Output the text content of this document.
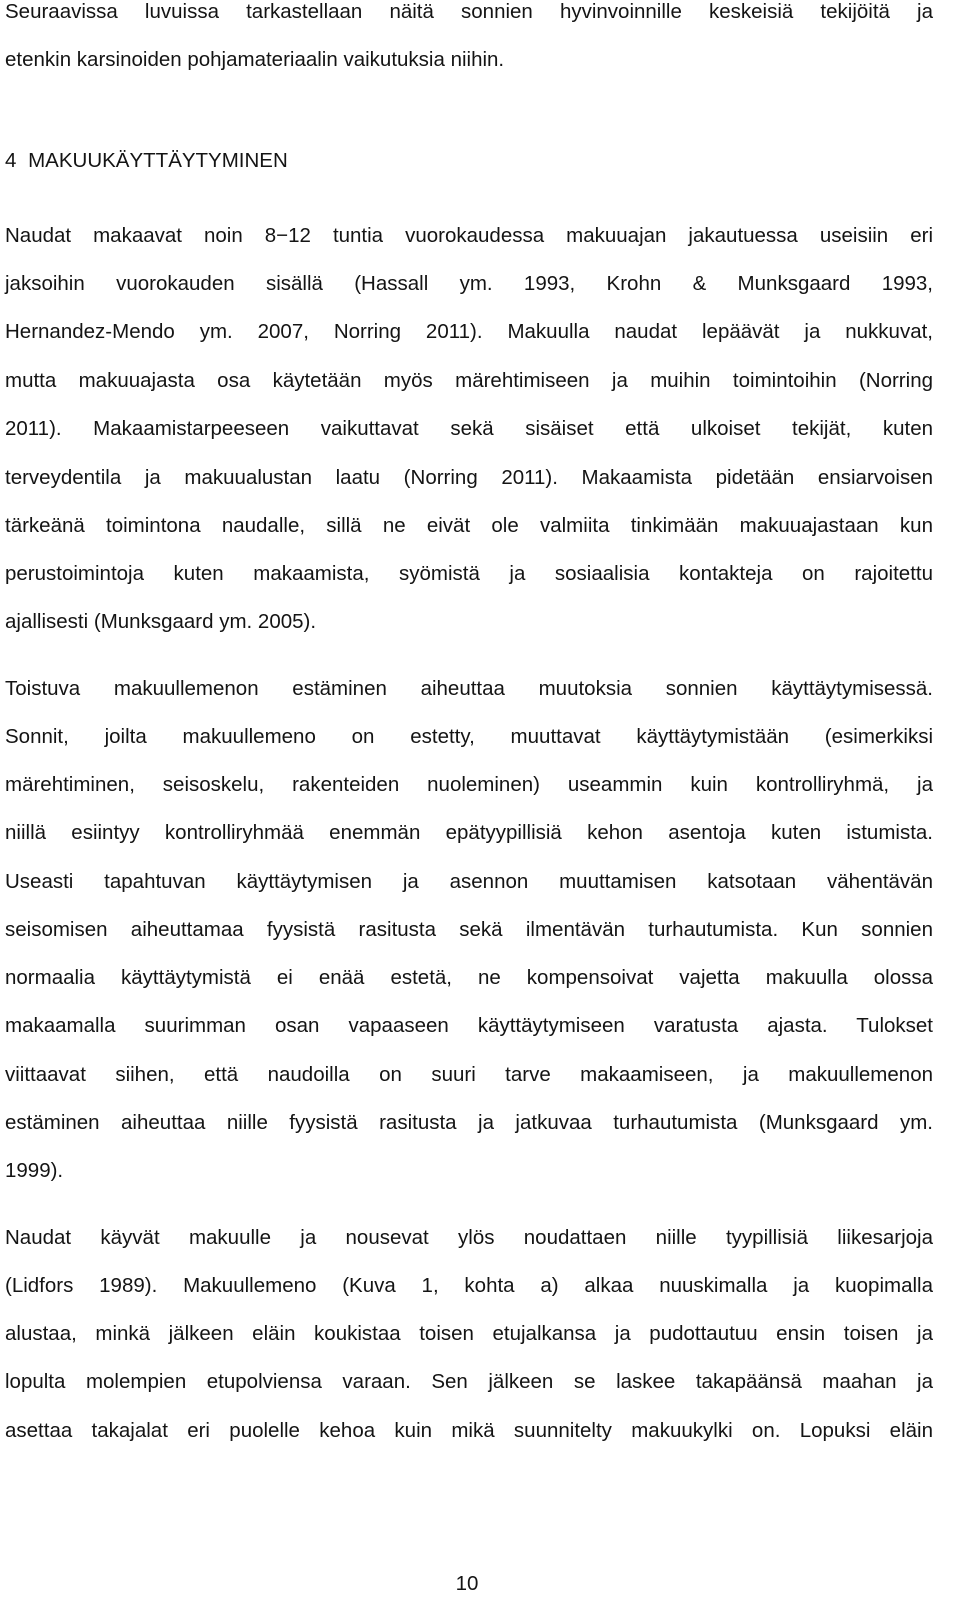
Seuraavissa luvuissa tarkastellaan näitä sonnien hyvinvoinnille keskeisiä tekijöitä ja
etenkin karsinoiden pohjamateriaalin vaikutuksia niihin.
4 MAKUUKÄYTTÄYTYMINEN
Naudat makaavat noin 8−12 tuntia vuorokaudessa makuuajan jakautuessa useisiin eri
jaksoihin vuorokauden sisällä (Hassall ym. 1993, Krohn & Munksgaard 1993,
Hernandez-Mendo ym. 2007, Norring 2011). Makuulla naudat lepäävät ja nukkuvat,
mutta makuuajasta osa käytetään myös märehtimiseen ja muihin toimintoihin (Norring
2011). Makaamistarpeeseen vaikuttavat sekä sisäiset että ulkoiset tekijät, kuten
terveydentila ja makuualustan laatu (Norring 2011). Makaamista pidetään ensiarvoisen
tärkeänä toimintona naudalle, sillä ne eivät ole valmiita tinkimään makuuajastaan kun
perustoimintoja kuten makaamista, syömistä ja sosiaalisia kontakteja on rajoitettu
ajallisesti (Munksgaard ym. 2005).
Toistuva makuullemenon estäminen aiheuttaa muutoksia sonnien käyttäytymisessä.
Sonnit, joilta makuullemeno on estetty, muuttavat käyttäytymistään (esimerkiksi
märehtiminen, seisoskelu, rakenteiden nuoleminen) useammin kuin kontrolliryhmä, ja
niillä esiintyy kontrolliryhmää enemmän epätyypillisiä kehon asentoja kuten istumista.
Useasti tapahtuvan käyttäytymisen ja asennon muuttamisen katsotaan vähentävän
seisomisen aiheuttamaa fyysistä rasitusta sekä ilmentävän turhautumista. Kun sonnien
normaalia käyttäytymistä ei enää estetä, ne kompensoivat vajetta makuulla olossa
makaamalla suurimman osan vapaaseen käyttäytymiseen varatusta ajasta. Tulokset
viittaavat siihen, että naudoilla on suuri tarve makaamiseen, ja makuullemenon
estäminen aiheuttaa niille fyysistä rasitusta ja jatkuvaa turhautumista (Munksgaard ym.
1999).
Naudat käyvät makuulle ja nousevat ylös noudattaen niille tyypillisiä liikesarjoja
(Lidfors 1989). Makuullemeno (Kuva 1, kohta a) alkaa nuuskimalla ja kuopimalla
alustaa, minkä jälkeen eläin koukistaa toisen etujalkansa ja pudottautuu ensin toisen ja
lopulta molempien etupolviensa varaan. Sen jälkeen se laskee takapäänsä maahan ja
asettaa takajalat eri puolelle kehoa kuin mikä suunnitelty makuukylki on. Lopuksi eläin
10
